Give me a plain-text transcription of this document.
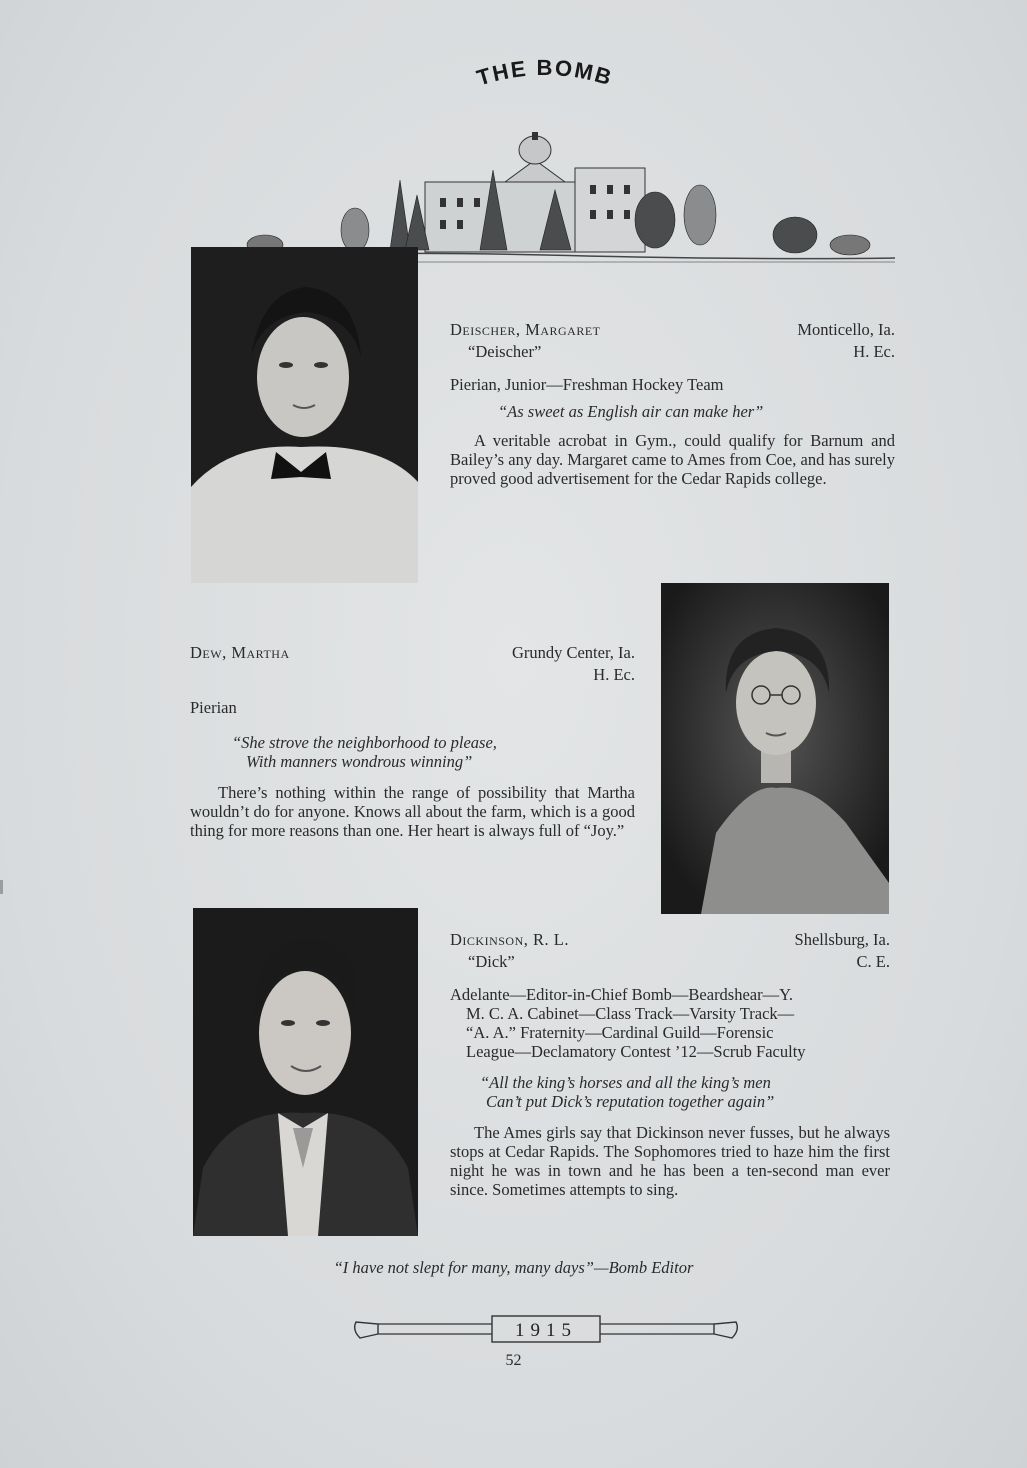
THE BOMB
Deischer, Margaret	Monticello, Ia.
“Deischer”	H. Ec.
Pierian, Junior—Freshman Hockey Team
“As sweet as English air can make her”
A veritable acrobat in Gym., could qualify for Barnum and Bailey’s any day. Margaret came to Ames from Coe, and has surely proved good advertisement for the Cedar Rapids college.
Dew, Martha	Grundy Center, Ia.
H. Ec.
Pierian
“She strove the neighborhood to please,
With manners wondrous winning”
There’s nothing within the range of possibility that Martha wouldn’t do for anyone. Knows all about the farm, which is a good thing for more reasons than one. Her heart is always full of “Joy.”
Dickinson, R. L.	Shellsburg, Ia.
“Dick”	C. E.
Adelante—Editor-in-Chief Bomb—Beardshear—Y.
M. C. A. Cabinet—Class Track—Varsity Track—
“A. A.” Fraternity—Cardinal Guild—Forensic
League—Declamatory Contest ’12—Scrub Faculty
“All the king’s horses and all the king’s men
Can’t put Dick’s reputation together again”
The Ames girls say that Dickinson never fusses, but he always stops at Cedar Rapids. The Sophomores tried to haze him the first night he was in town and he has been a ten-second man ever since. Sometimes attempts to sing.
“I have not slept for many, many days”—Bomb Editor
1915
52
